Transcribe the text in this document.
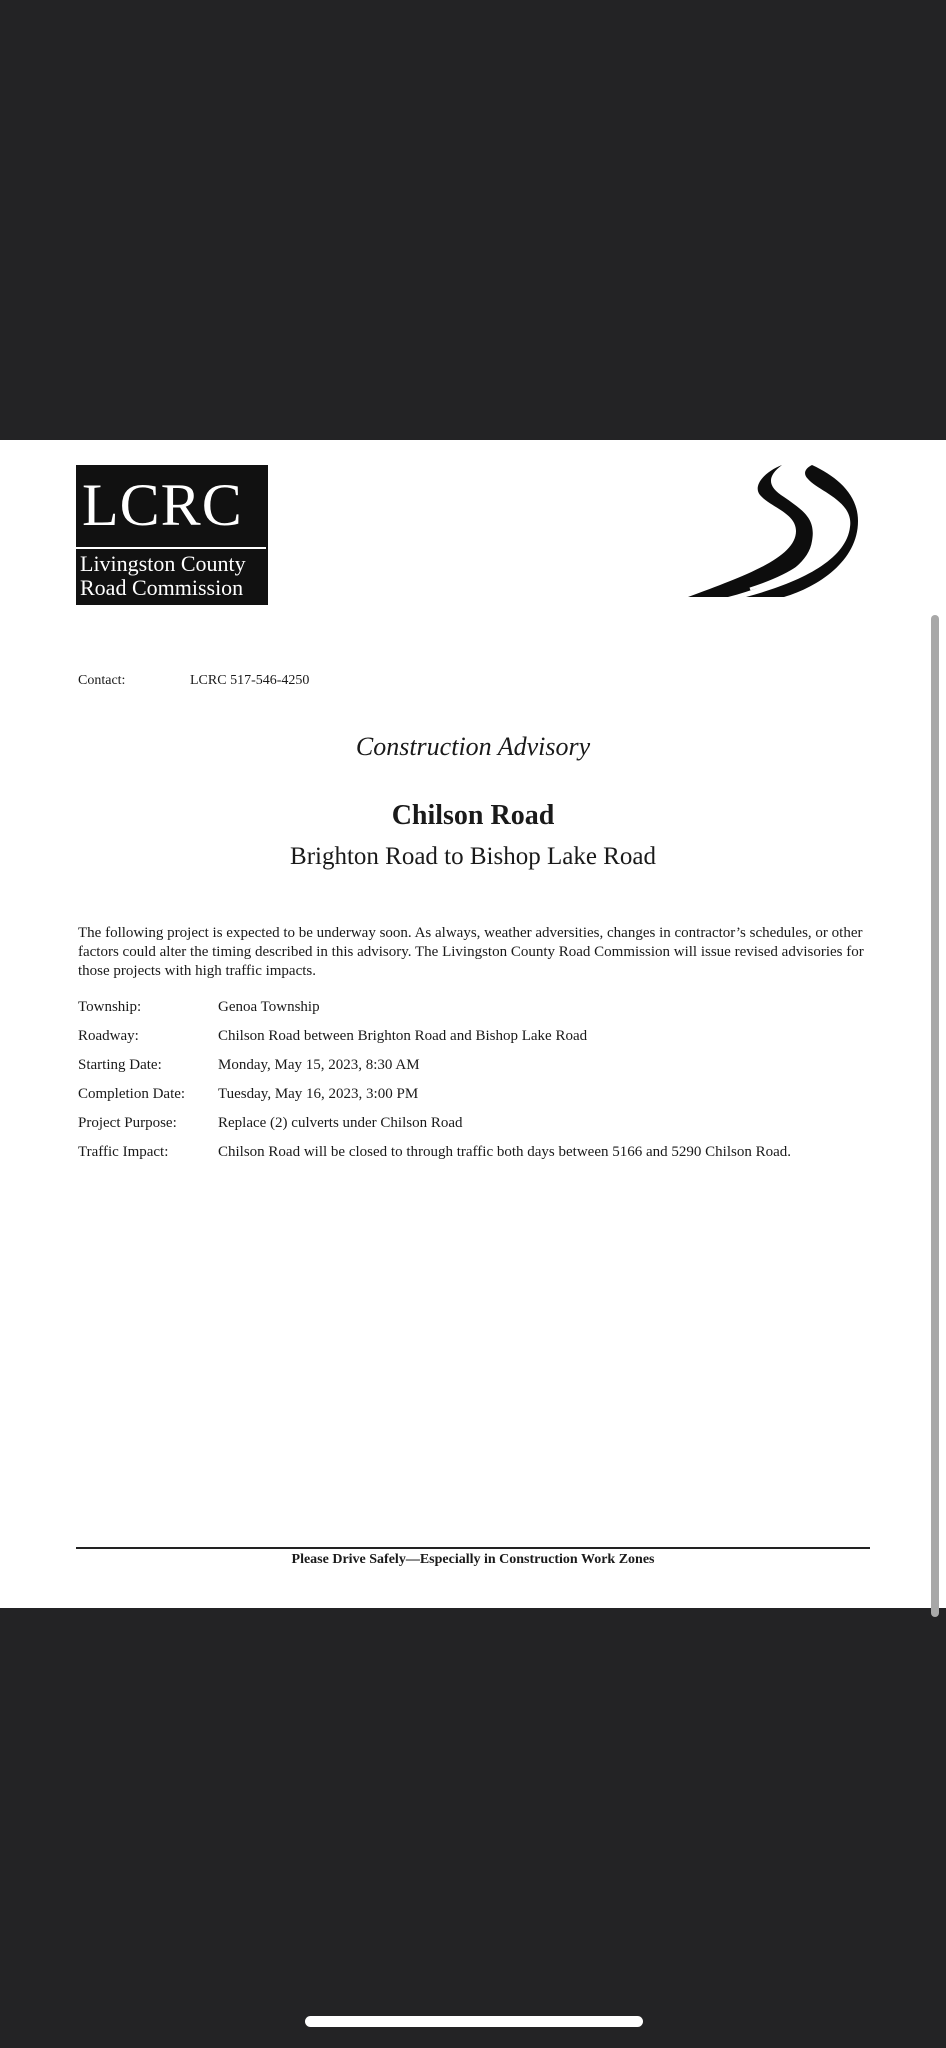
LCRC
Livingston County
Road Commission
Contact:	LCRC 517-546-4250
Construction Advisory
Chilson Road
Brighton Road to Bishop Lake Road
The following project is expected to be underway soon. As always, weather adversities, changes in contractor’s schedules, or other factors could alter the timing described in this advisory. The Livingston County Road Commission will issue revised advisories for those projects with high traffic impacts.
Township:	Genoa Township
Roadway:	Chilson Road between Brighton Road and Bishop Lake Road
Starting Date:	Monday, May 15, 2023, 8:30 AM
Completion Date: Tuesday, May 16, 2023, 3:00 PM
Project Purpose:	Replace (2) culverts under Chilson Road
Traffic Impact:	Chilson Road will be closed to through traffic both days between 5166 and 5290 Chilson Road.
Please Drive Safely—Especially in Construction Work Zones
